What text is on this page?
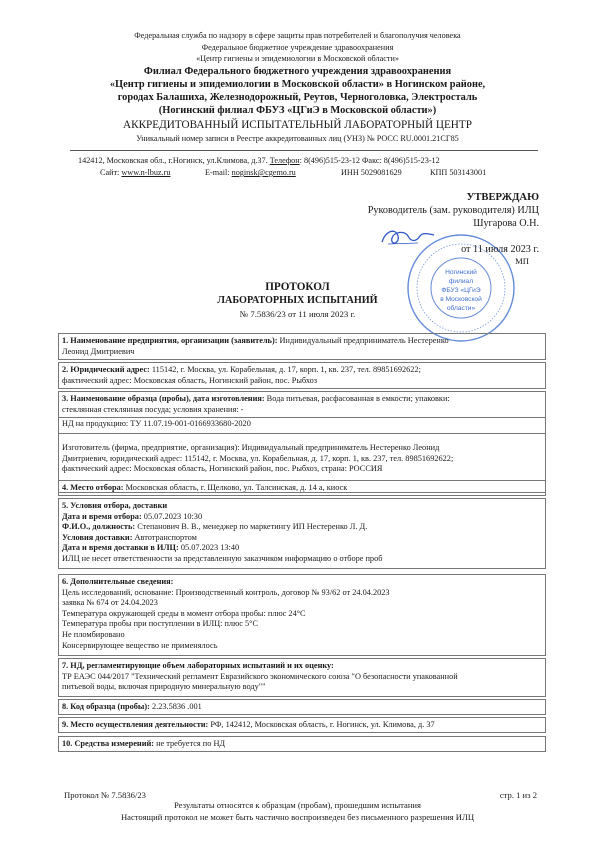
Федеральная служба по надзору в сфере защиты прав потребителей и благополучия человека
Федеральное бюджетное учреждение здравоохранения
«Центр гигиены и эпидемиологии в Московской области»
Филиал Федерального бюджетного учреждения здравоохранения
«Центр гигиены и эпидемиологии в Московской области» в Ногинском районе,
городах Балашиха, Железнодорожный, Реутов, Черноголовка, Электросталь
(Ногинский филиал ФБУЗ «ЦГиЭ в Московской области»)
АККРЕДИТОВАННЫЙ ИСПЫТАТЕЛЬНЫЙ ЛАБОРАТОРНЫЙ ЦЕНТР
Уникальный номер записи в Реестре аккредитованных лиц (УНЗ) № РОСС RU.0001.21СГ85
142412, Московская обл., г.Ногинск, ул.Климова, д.37. Телефон: 8(496)515-23-12 Факс: 8(496)515-23-12
Сайт: www.n-lbuz.ru	E-mail: noginsk@cgemo.ru	ИНН 5029081629	КПП 503143001
УТВЕРЖДАЮ
Руководитель (зам. руководителя) ИЛЦ
Шугарова О.Н.
Ногинский
филиал
ФБУЗ «ЦГиЭ
в Московской
области»
от 11 июля 2023 г.
МП
ПРОТОКОЛ
ЛАБОРАТОРНЫХ ИСПЫТАНИЙ
№ 7.5836/23 от 11 июля 2023 г.
1. Наименование предприятия, организации (заявитель): Индивидуальный предприниматель Нестеренко
Леонид Дмитриевич
2. Юридический адрес: 115142, г. Москва, ул. Корабельная, д. 17, корп. 1, кв. 237, тел. 89851692622;
фактический адрес: Московская область, Ногинский район, пос. Рыбхоз
3. Наименование образца (пробы), дата изготовления: Вода питьевая, расфасованная в емкости; упаковки:
стеклянная стеклянная посуда; условия хранения: -
НД на продукцию: ТУ 11.07.19-001-0166933680-2020
Изготовитель (фирма, предприятие, организация): Индивидуальный предприниматель Нестеренко Леонид
Дмитриевич, юридический адрес: 115142, г. Москва, ул. Корабельная, д. 17, корп. 1, кв. 237, тел. 89851692622;
фактический адрес: Московская область, Ногинский район, пос. Рыбхоз, страна: РОССИЯ
4. Место отбора: Московская область, г. Щелково, ул. Талсинская, д. 14 а, киоск
5. Условия отбора, доставки
Дата и время отбора: 05.07.2023 10:30
Ф.И.О., должность: Степанович В. В., менеджер по маркетингу ИП Нестеренко Л. Д.
Условия доставки: Автотранспортом
Дата и время доставки в ИЛЦ: 05.07.2023 13:40
ИЛЦ не несет ответственности за представленную заказчиком информацию о отборе проб
6. Дополнительные сведения:
Цель исследований, основание: Производственный контроль, договор № 93/62 от 24.04.2023
заявка № 674 от 24.04.2023
Температура окружающей среды в момент отбора пробы: плюс 24°С
Температура пробы при поступлении в ИЛЦ: плюс 5°С
Не пломбировано
Консервирующее вещество не применялось
7. НД, регламентирующие объем лабораторных испытаний и их оценку:
ТР ЕАЭС 044/2017 "Технический регламент Евразийского экономического союза "О безопасности упакованной
питьевой воды, включая природную минеральную воду""
8. Код образца (пробы): 2.23.5836 .001
9. Место осуществления деятельности: РФ, 142412, Московская область, г. Ногинск, ул. Климова, д. 37
10. Средства измерений: не требуется по НД
Протокол № 7.5836/23	стр. 1 из 2
Результаты относятся к образцам (пробам), прошедшим испытания
Настоящий протокол не может быть частично воспроизведен без письменного разрешения ИЛЦ
